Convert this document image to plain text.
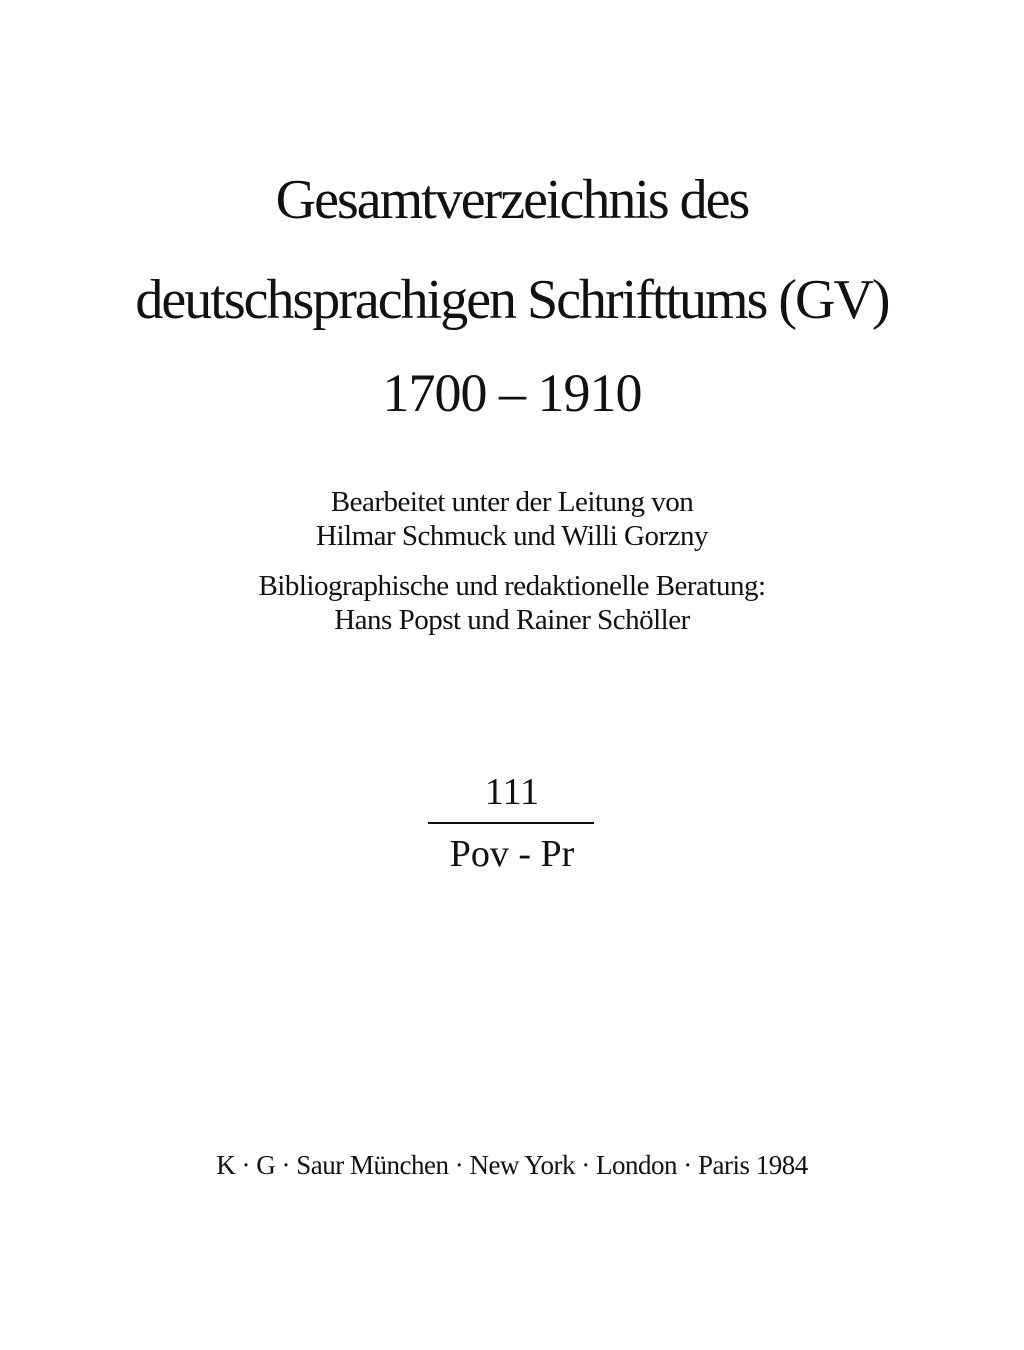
Gesamtverzeichnis des
deutschsprachigen Schrifttums (GV)
1700 – 1910
Bearbeitet unter der Leitung von
Hilmar Schmuck und Willi Gorzny
Bibliographische und redaktionelle Beratung:
Hans Popst und Rainer Schöller
111
Pov - Pr
K · G · Saur München · New York · London · Paris 1984
